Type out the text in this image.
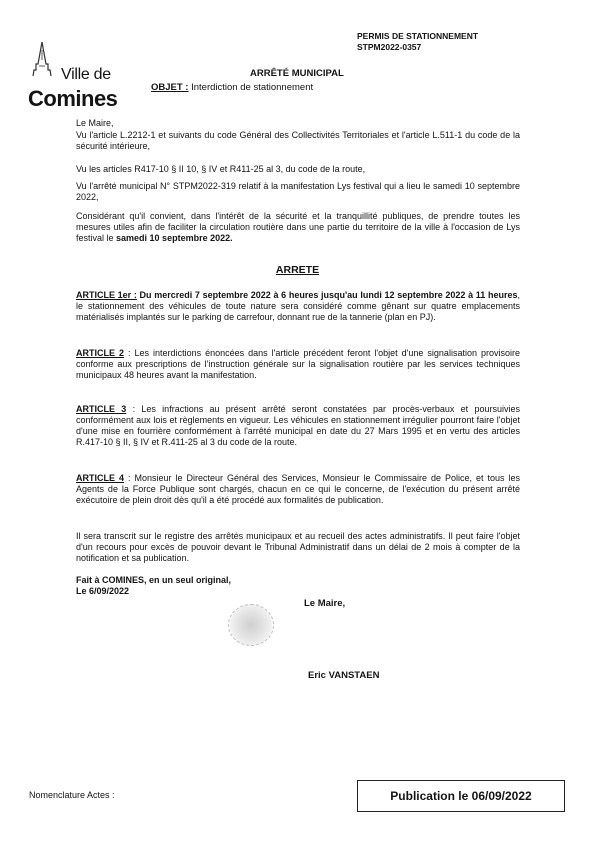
PERMIS DE STATIONNEMENT
STPM2022-0357
Ville de
Comines
ARRÊTÉ MUNICIPAL
OBJET : Interdiction de stationnement
Le Maire,
Vu l'article L.2212-1 et suivants du code Général des Collectivités Territoriales et l'article L.511-1 du code de la sécurité intérieure,
Vu les articles R417-10 § II 10, § IV et R411-25 al 3, du code de la route,
Vu l'arrêté municipal N° STPM2022-319 relatif à la manifestation Lys festival qui a lieu le samedi 10 septembre 2022,
Considérant qu'il convient, dans l'intérêt de la sécurité et la tranquillité publiques, de prendre toutes les mesures utiles afin de faciliter la circulation routière dans une partie du territoire de la ville à l'occasion de Lys festival le samedi 10 septembre 2022.
ARRETE
ARTICLE 1er : Du mercredi 7 septembre 2022 à 6 heures jusqu'au lundi 12 septembre 2022 à 11 heures, le stationnement des véhicules de toute nature sera considéré comme gênant sur quatre emplacements matérialisés implantés sur le parking de carrefour, donnant rue de la tannerie (plan en PJ).
ARTICLE 2 : Les interdictions énoncées dans l'article précédent feront l'objet d'une signalisation provisoire conforme aux prescriptions de l'instruction générale sur la signalisation routière par les services techniques municipaux 48 heures avant la manifestation.
ARTICLE 3 : Les infractions au présent arrêté seront constatées par procès-verbaux et poursuivies conformément aux lois et règlements en vigueur. Les véhicules en stationnement irrégulier pourront faire l'objet d'une mise en fourrière conformément à l'arrêté municipal en date du 27 Mars 1995 et en vertu des articles R.417-10 § II, § IV et R.411-25 al 3 du code de la route.
ARTICLE 4 : Monsieur le Directeur Général des Services, Monsieur le Commissaire de Police, et tous les Agents de la Force Publique sont chargés, chacun en ce qui le concerne, de l'exécution du présent arrêté exécutoire de plein droit dès qu'il a été procédé aux formalités de publication.
Il sera transcrit sur le registre des arrêtés municipaux et au recueil des actes administratifs. Il peut faire l'objet d'un recours pour excès de pouvoir devant le Tribunal Administratif dans un délai de 2 mois à compter de la notification et sa publication.
Fait à COMINES, en un seul original,
Le 6/09/2022
Le Maire,
Eric VANSTAEN
Nomenclature Actes :	Publication le 06/09/2022
